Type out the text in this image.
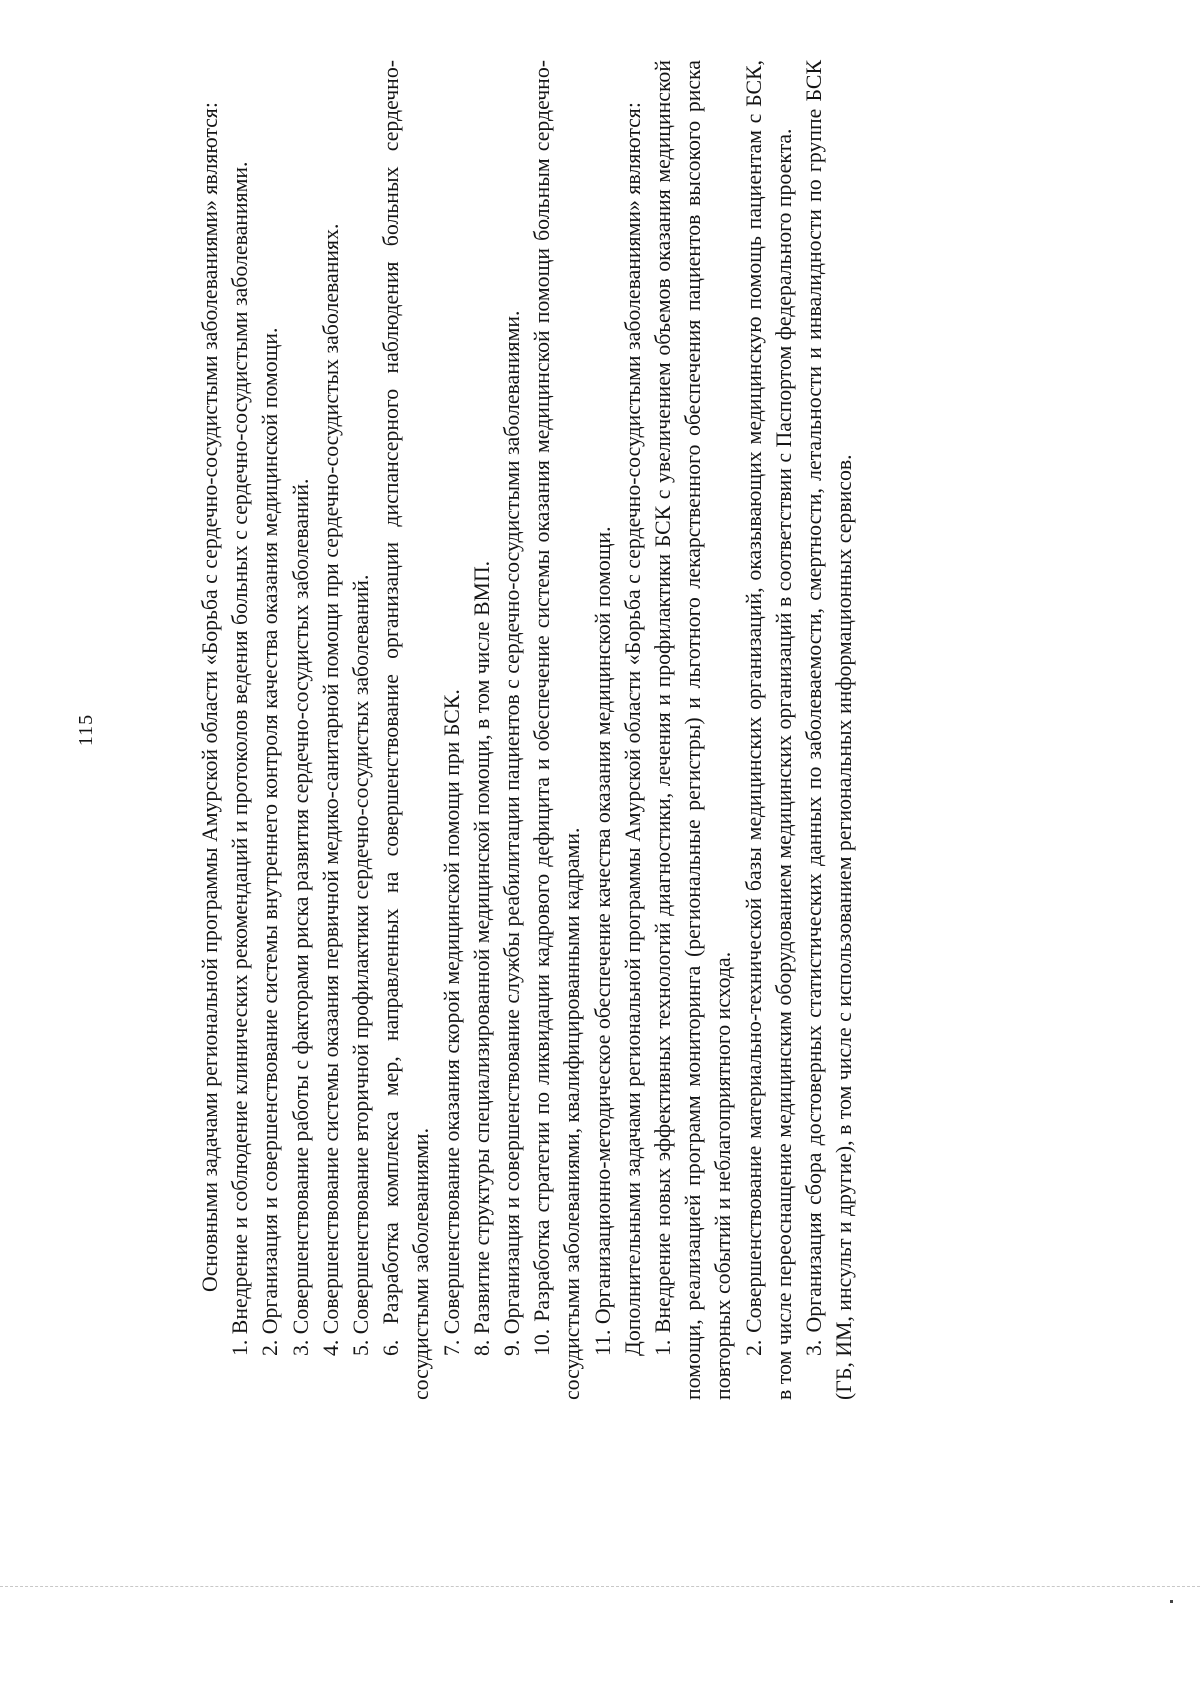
115	Основными задачами региональной программы Амурской области «Борьба с сердечно-сосудистыми заболеваниями» являются: 1. Внедрение и соблюдение клинических рекомендаций и протоколов ведения больных с сердечно-сосудистыми заболеваниями. 2. Организация и совершенствование системы внутреннего контроля качества оказания медицинской помощи. 3. Совершенствование работы с факторами риска развития сердечно-сосудистых заболеваний. 4. Совершенствование системы оказания первичной медико-санитарной помощи при сердечно-сосудистых заболеваниях. 5. Совершенствование вторичной профилактики сердечно-сосудистых заболеваний. 6. Разработка комплекса мер, направленных на совершенствование организации диспансерного наблюдения больных сердечно-сосудистыми заболеваниями. 7. Совершенствование оказания скорой медицинской помощи при БСК. 8. Развитие структуры специализированной медицинской помощи, в том числе ВМП. 9. Организация и совершенствование службы реабилитации пациентов с сердечно-сосудистыми заболеваниями. 10. Разработка стратегии по ликвидации кадрового дефицита и обеспечение системы оказания медицинской помощи больным сердечно-сосудистыми заболеваниями, квалифицированными кадрами. 11. Организационно-методическое обеспечение качества оказания медицинской помощи. Дополнительными задачами региональной программы Амурской области «Борьба с сердечно-сосудистыми заболеваниями» являются: 1. Внедрение новых эффективных технологий диагностики, лечения и профилактики БСК с увеличением объемов оказания медицинской помощи, реализацией программ мониторинга (региональные регистры) и льготного лекарственного обеспечения пациентов высокого риска повторных событий и неблагоприятного исхода. 2. Совершенствование материально-технической базы медицинских организаций, оказывающих медицинскую помощь пациентам с БСК, в том числе переоснащение медицинским оборудованием медицинских организаций в соответствии с Паспортом федерального проекта. 3. Организация сбора достоверных статистических данных по заболеваемости, смертности, летальности и инвалидности по группе БСК (ГБ, ИМ, инсульт и другие), в том числе с использованием региональных информационных сервисов.
